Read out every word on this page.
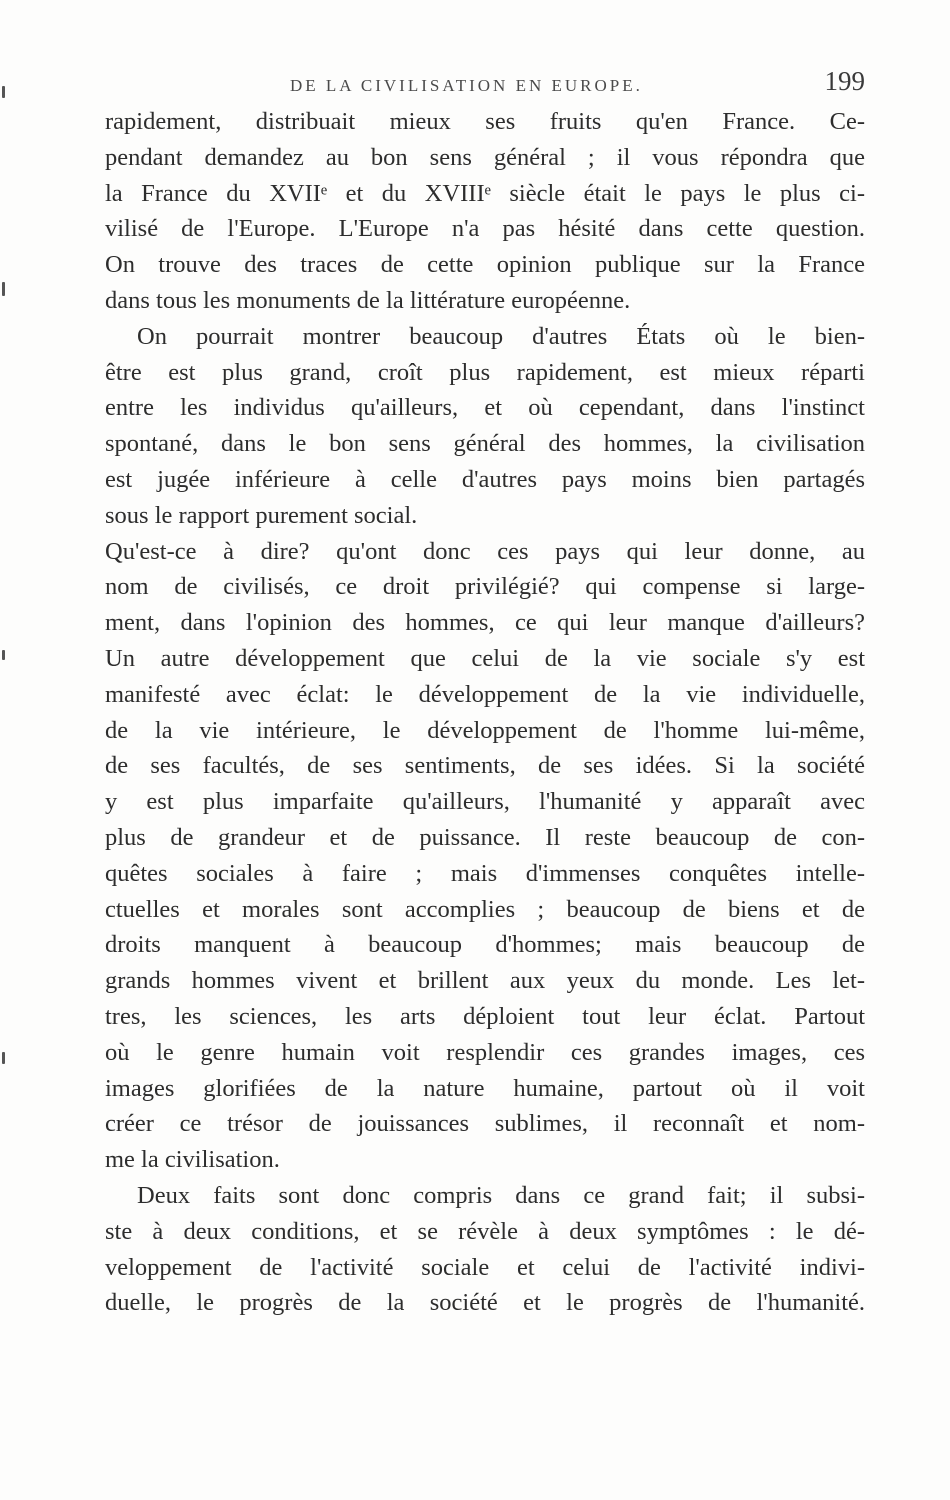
DE LA CIVILISATION EN EUROPE.	199
rapidement, distribuait mieux ses fruits qu'en France. Ce-
pendant demandez au bon sens général ; il vous répondra que
la France du XVIIᵉ et du XVIIIᵉ siècle était le pays le plus ci-
vilisé de l'Europe. L'Europe n'a pas hésité dans cette question.
On trouve des traces de cette opinion publique sur la France
dans tous les monuments de la littérature européenne.
On pourrait montrer beaucoup d'autres États où le bien-
être est plus grand, croît plus rapidement, est mieux réparti
entre les individus qu'ailleurs, et où cependant, dans l'instinct
spontané, dans le bon sens général des hommes, la civilisation
est jugée inférieure à celle d'autres pays moins bien partagés
sous le rapport purement social.
Qu'est-ce à dire? qu'ont donc ces pays qui leur donne, au
nom de civilisés, ce droit privilégié? qui compense si large-
ment, dans l'opinion des hommes, ce qui leur manque d'ailleurs?
Un autre développement que celui de la vie sociale s'y est
manifesté avec éclat: le développement de la vie individuelle,
de la vie intérieure, le développement de l'homme lui-même,
de ses facultés, de ses sentiments, de ses idées. Si la société
y est plus imparfaite qu'ailleurs, l'humanité y apparaît avec
plus de grandeur et de puissance. Il reste beaucoup de con-
quêtes sociales à faire ; mais d'immenses conquêtes intelle-
ctuelles et morales sont accomplies ; beaucoup de biens et de
droits manquent à beaucoup d'hommes; mais beaucoup de
grands hommes vivent et brillent aux yeux du monde. Les let-
tres, les sciences, les arts déploient tout leur éclat. Partout
où le genre humain voit resplendir ces grandes images, ces
images glorifiées de la nature humaine, partout où il voit
créer ce trésor de jouissances sublimes, il reconnaît et nom-
me la civilisation.
Deux faits sont donc compris dans ce grand fait; il subsi-
ste à deux conditions, et se révèle à deux symptômes : le dé-
veloppement de l'activité sociale et celui de l'activité indivi-
duelle, le progrès de la société et le progrès de l'humanité.
